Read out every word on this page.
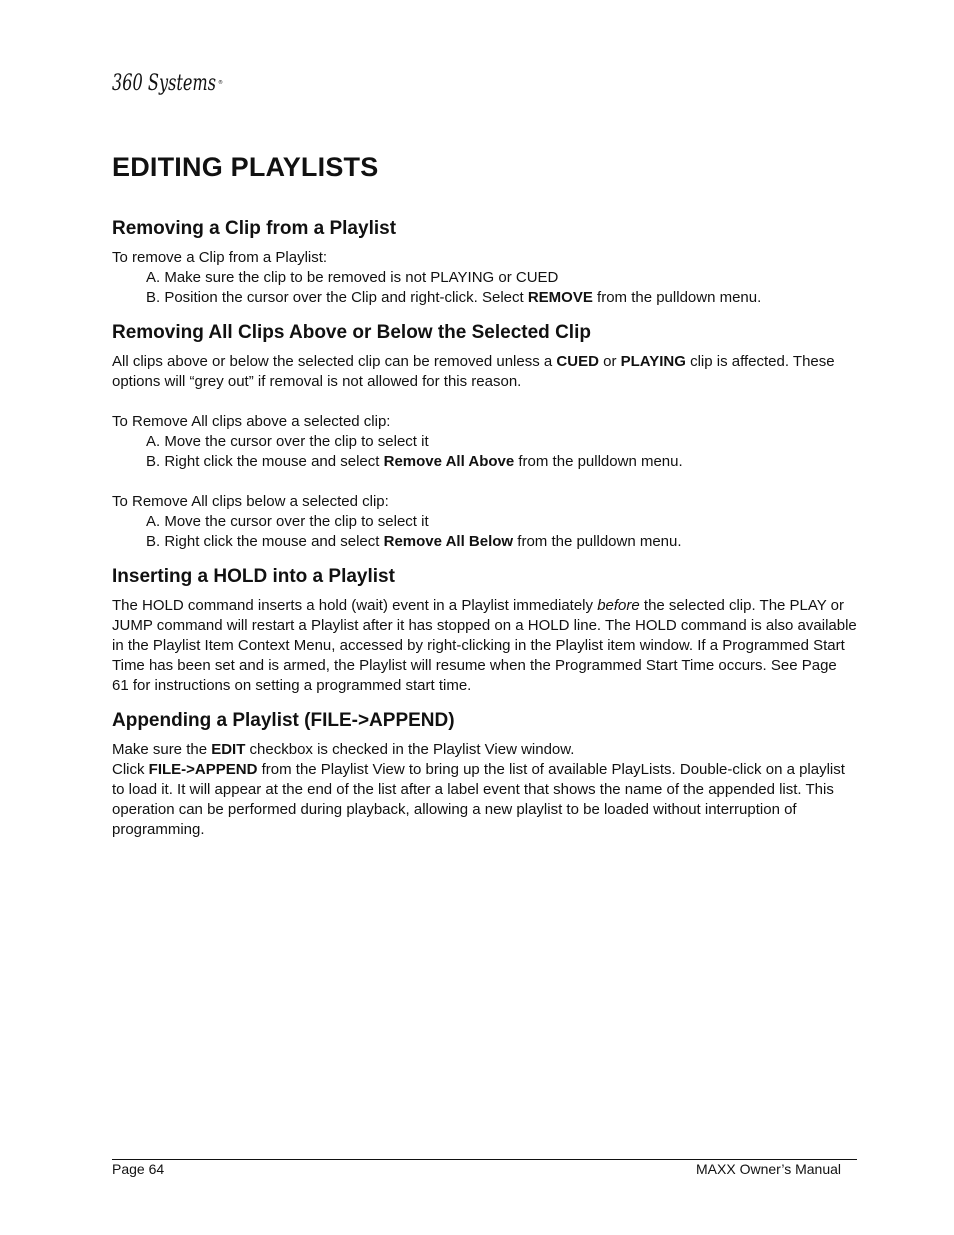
360 Systems ®
EDITING PLAYLISTS
Removing a Clip from a Playlist
To remove a Clip from a Playlist:
A. Make sure the clip to be removed is not PLAYING or CUED
B. Position the cursor over the Clip and right-click. Select REMOVE from the pulldown menu.
Removing All Clips Above or Below the Selected Clip

All clips above or below the selected clip can be removed unless a CUED or PLAYING clip is affected. These options will “grey out” if removal is not allowed for this reason.

To Remove All clips above a selected clip:
A. Move the cursor over the clip to select it
B. Right click the mouse and select Remove All Above from the pulldown menu.
To Remove All clips below a selected clip:
A. Move the cursor over the clip to select it
B. Right click the mouse and select Remove All Below from the pulldown menu.
Inserting a HOLD into a Playlist

The HOLD command inserts a hold (wait) event in a Playlist immediately before the selected clip. The PLAY or JUMP command will restart a Playlist after it has stopped on a HOLD line. The HOLD command is also available in the Playlist Item Context Menu, accessed by right-clicking in the Playlist item window. If a Programmed Start Time has been set and is armed, the Playlist will resume when the Programmed Start Time occurs. See Page 61 for instructions on setting a programmed start time.

Appending a Playlist (FILE->APPEND)
Make sure the EDIT checkbox is checked in the Playlist View window.

Click FILE->APPEND from the Playlist View to bring up the list of available PlayLists. Double-click on a playlist to load it. It will appear at the end of the list after a label event that shows the name of the appended list. This operation can be performed during playback, allowing a new playlist to be loaded without interruption of programming.

Page 64	MAXX Owner’s Manual
